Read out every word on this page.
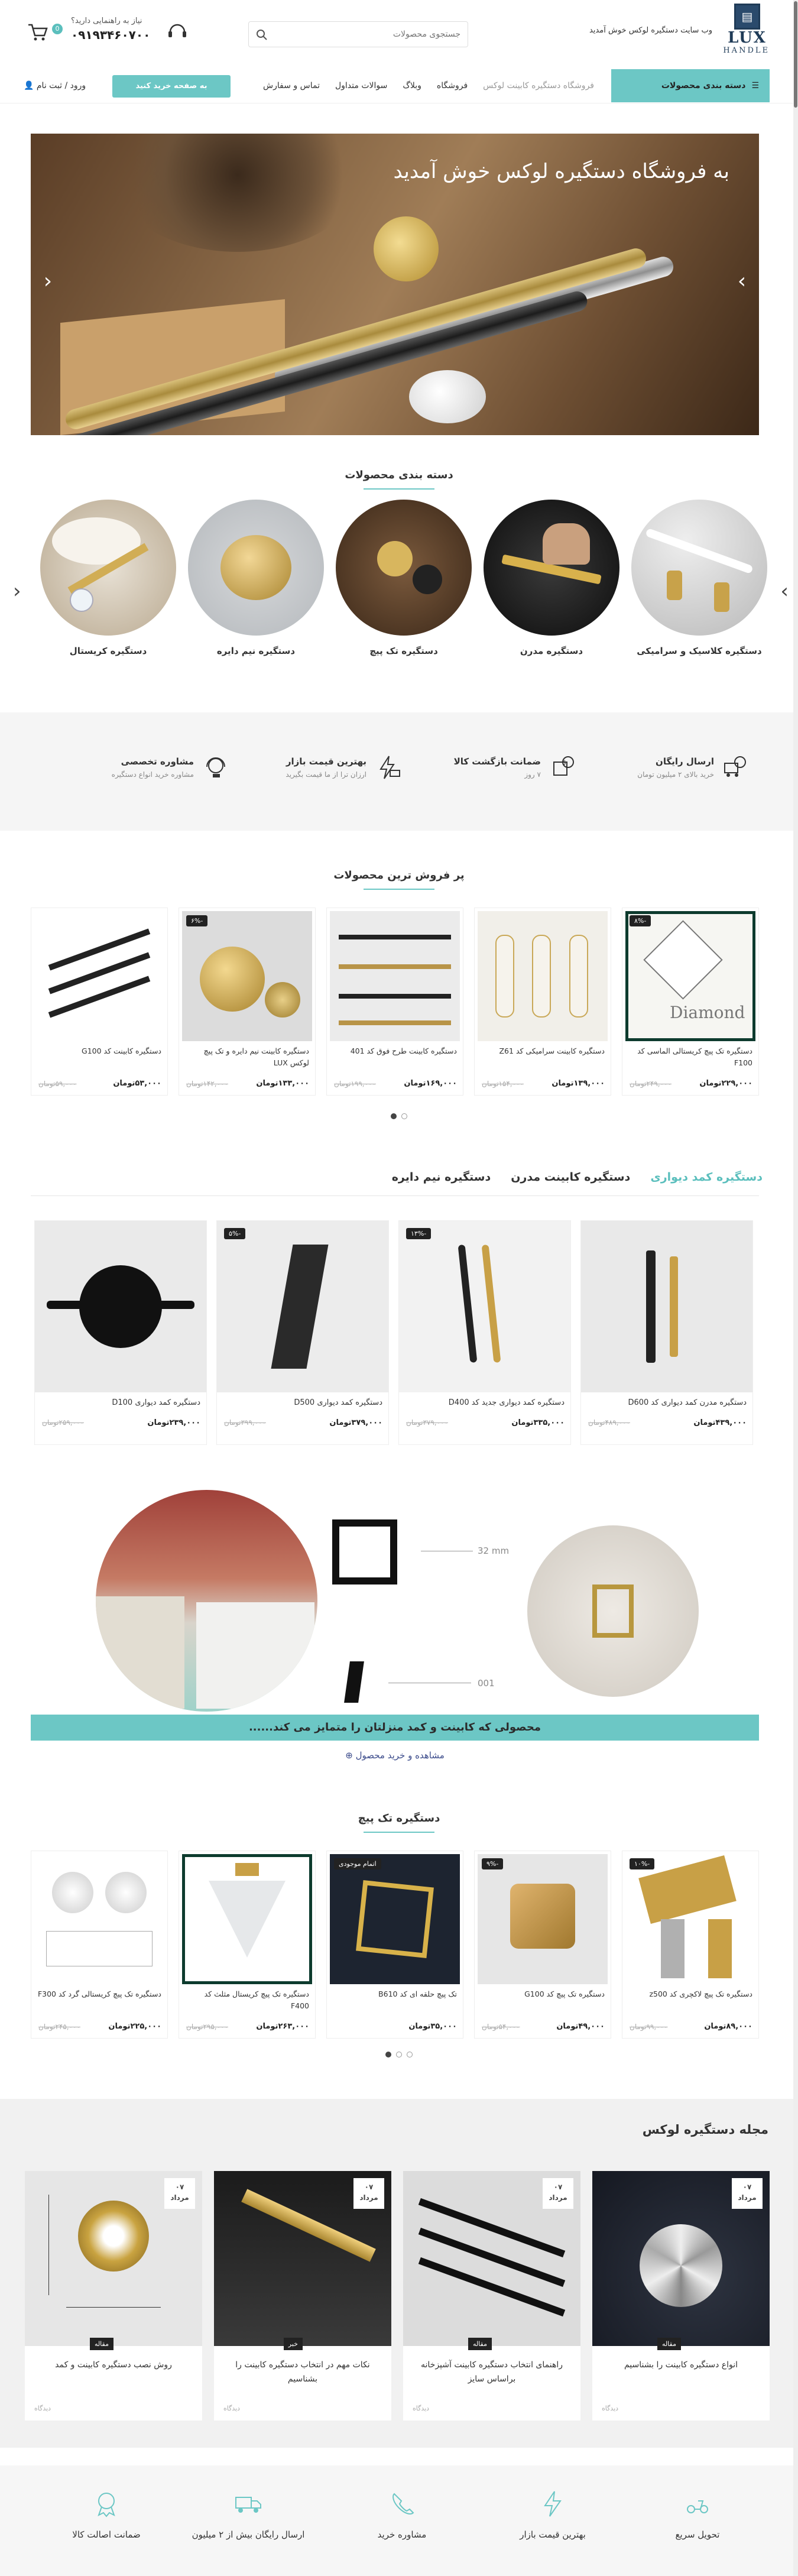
▤
LUX
HANDLE
وب سایت دستگیره لوکس خوش آمدید
جستجوی محصولات
نیاز به راهنمایی دارید؟
۰۹۱۹۳۴۶۰۷۰۰
0
☰
دسته بندی محصولات
فروشگاه دستگیره کابینت لوکس
فروشگاه
وبلاگ
سوالات متداول
تماس و سفارش
به صفحه خرید کنید
ورود / ثبت نام 👤
به فروشگاه دستگیره لوکس خوش آمدید
›
‹
دسته بندی محصولات
›
‹
دستگیره کلاسیک و سرامیکی
دستگیره مدرن
دستگیره تک پیچ
دستگیره نیم دایره
دستگیره کریستال
ارسال رایگان
خرید بالای ۲ میلیون تومان
$
ضمانت بازگشت کالا
۷ روز
بهترین قیمت بازار
ارزان ترا از ما قیمت بگیرید
مشاوره تخصصی
مشاوره خرید انواع دستگیره
پر فروش ترین محصولات
Diamond
-۸%
دستگیره تک پیچ کریستالی الماسی کد F100
۲۲۹,۰۰۰تومان
۲۴۹,۰۰۰تومان
دستگیره کابینت سرامیکی کد Z61
۱۳۹,۰۰۰تومان
۱۵۴,۰۰۰تومان
دستگیره کابینت طرح فوق کد 401
۱۶۹,۰۰۰تومان
۱۹۹,۰۰۰تومان
-۶%
دستگیره کابینت نیم دایره و تک پیچ لوکس LUX
۱۳۳,۰۰۰تومان
۱۴۲,۰۰۰تومان
دستگیره کابینت کد G100
۵۳,۰۰۰تومان
۵۹,۰۰۰تومان
دستگیره کمد دیواری
دستگیره کابینت مدرن
دستگیره نیم دایره
دستگیره مدرن کمد دیواری کد D600
۴۳۹,۰۰۰تومان
۴۸۹,۰۰۰تومان
-۱۳%
دستگیره کمد دیواری جدید کد D400
۳۳۵,۰۰۰تومان
۳۷۹,۰۰۰تومان
-۵%
دستگیره کمد دیواری D500
۳۷۹,۰۰۰تومان
۳۹۹,۰۰۰تومان
دستگیره کمد دیواری D100
۲۳۹,۰۰۰تومان
۲۵۹,۰۰۰تومان
32 mm
001
محصولی که کابینت و کمد منزلتان را متمایز می کند......
مشاهده و خرید محصول ⊕
دستگیره تک پیچ
-۱۰%
دستگیره تک پیچ لاکچری کد z500
۸۹,۰۰۰تومان
۹۹,۰۰۰تومان
-۹%
دستگیره تک پیچ کد G100
۴۹,۰۰۰تومان
۵۴,۰۰۰تومان
اتمام موجودی
تک پیچ حلقه ای کد B610
۳۵,۰۰۰تومان
دستگیره تک پیچ کریستال مثلث کد F400
۲۶۳,۰۰۰تومان
۲۹۵,۰۰۰تومان
دستگیره تک پیچ کریستالی گرد کد F300
۲۲۵,۰۰۰تومان
۲۴۵,۰۰۰تومان
مجله دستگیره لوکس
۰۷
مرداد
مقاله
انواع دستگیره کابینت را بشناسیم
دیدگاه
۰۷
مرداد
مقاله
راهنمای انتخاب دستگیره کابینت آشپزخانه براساس سایز
دیدگاه
۰۷
مرداد
خبر
نکات مهم در انتخاب دستگیره کابینت را بشناسیم
دیدگاه
۰۷
مرداد
مقاله
روش نصب دستگیره کابینت و کمد
دیدگاه
تحویل سریع
بهترین قیمت بازار
مشاوره خرید
ارسال رایگان بیش از ۲ میلیون
ضمانت اصالت کالا
